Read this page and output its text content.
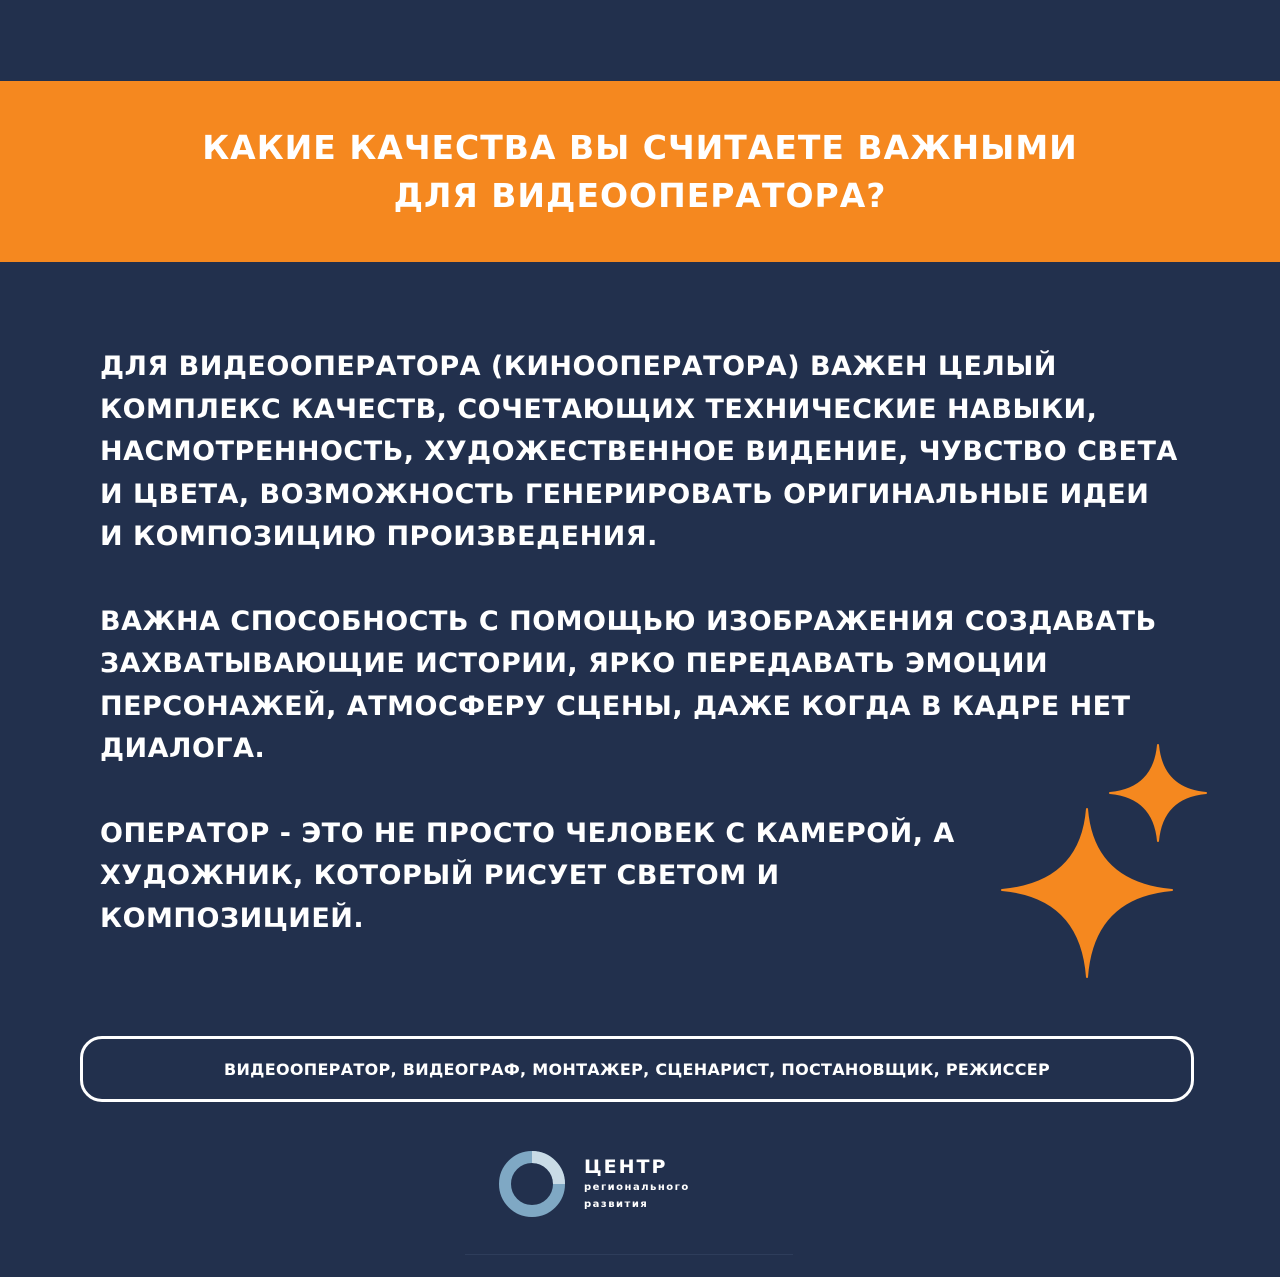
КАКИЕ КАЧЕСТВА ВЫ СЧИТАЕТЕ ВАЖНЫМИ ДЛЯ ВИДЕООПЕРАТОРА?

ДЛЯ ВИДЕООПЕРАТОРА (КИНООПЕРАТОРА) ВАЖЕН ЦЕЛЫЙ КОМПЛЕКС КАЧЕСТВ, СОЧЕТАЮЩИХ ТЕХНИЧЕСКИЕ НАВЫКИ, НАСМОТРЕННОСТЬ, ХУДОЖЕСТВЕННОЕ ВИДЕНИЕ, ЧУВСТВО СВЕТА И ЦВЕТА, ВОЗМОЖНОСТЬ ГЕНЕРИРОВАТЬ ОРИГИНАЛЬНЫЕ ИДЕИ И КОМПОЗИЦИЮ ПРОИЗВЕДЕНИЯ.

ВАЖНА СПОСОБНОСТЬ С ПОМОЩЬЮ ИЗОБРАЖЕНИЯ СОЗДАВАТЬ ЗАХВАТЫВАЮЩИЕ ИСТОРИИ, ЯРКО ПЕРЕДАВАТЬ ЭМОЦИИ ПЕРСОНАЖЕЙ, АТМОСФЕРУ СЦЕНЫ, ДАЖЕ КОГДА В КАДРЕ НЕТ ДИАЛОГА.

ОПЕРАТОР - ЭТО НЕ ПРОСТО ЧЕЛОВЕК С КАМЕРОЙ, А ХУДОЖНИК, КОТОРЫЙ РИСУЕТ СВЕТОМ И КОМПОЗИЦИЕЙ.

ВИДЕООПЕРАТОР, ВИДЕОГРАФ, МОНТАЖЕР, СЦЕНАРИСТ, ПОСТАНОВЩИК, РЕЖИССЕР
ЦЕНТР
регионального
развития
